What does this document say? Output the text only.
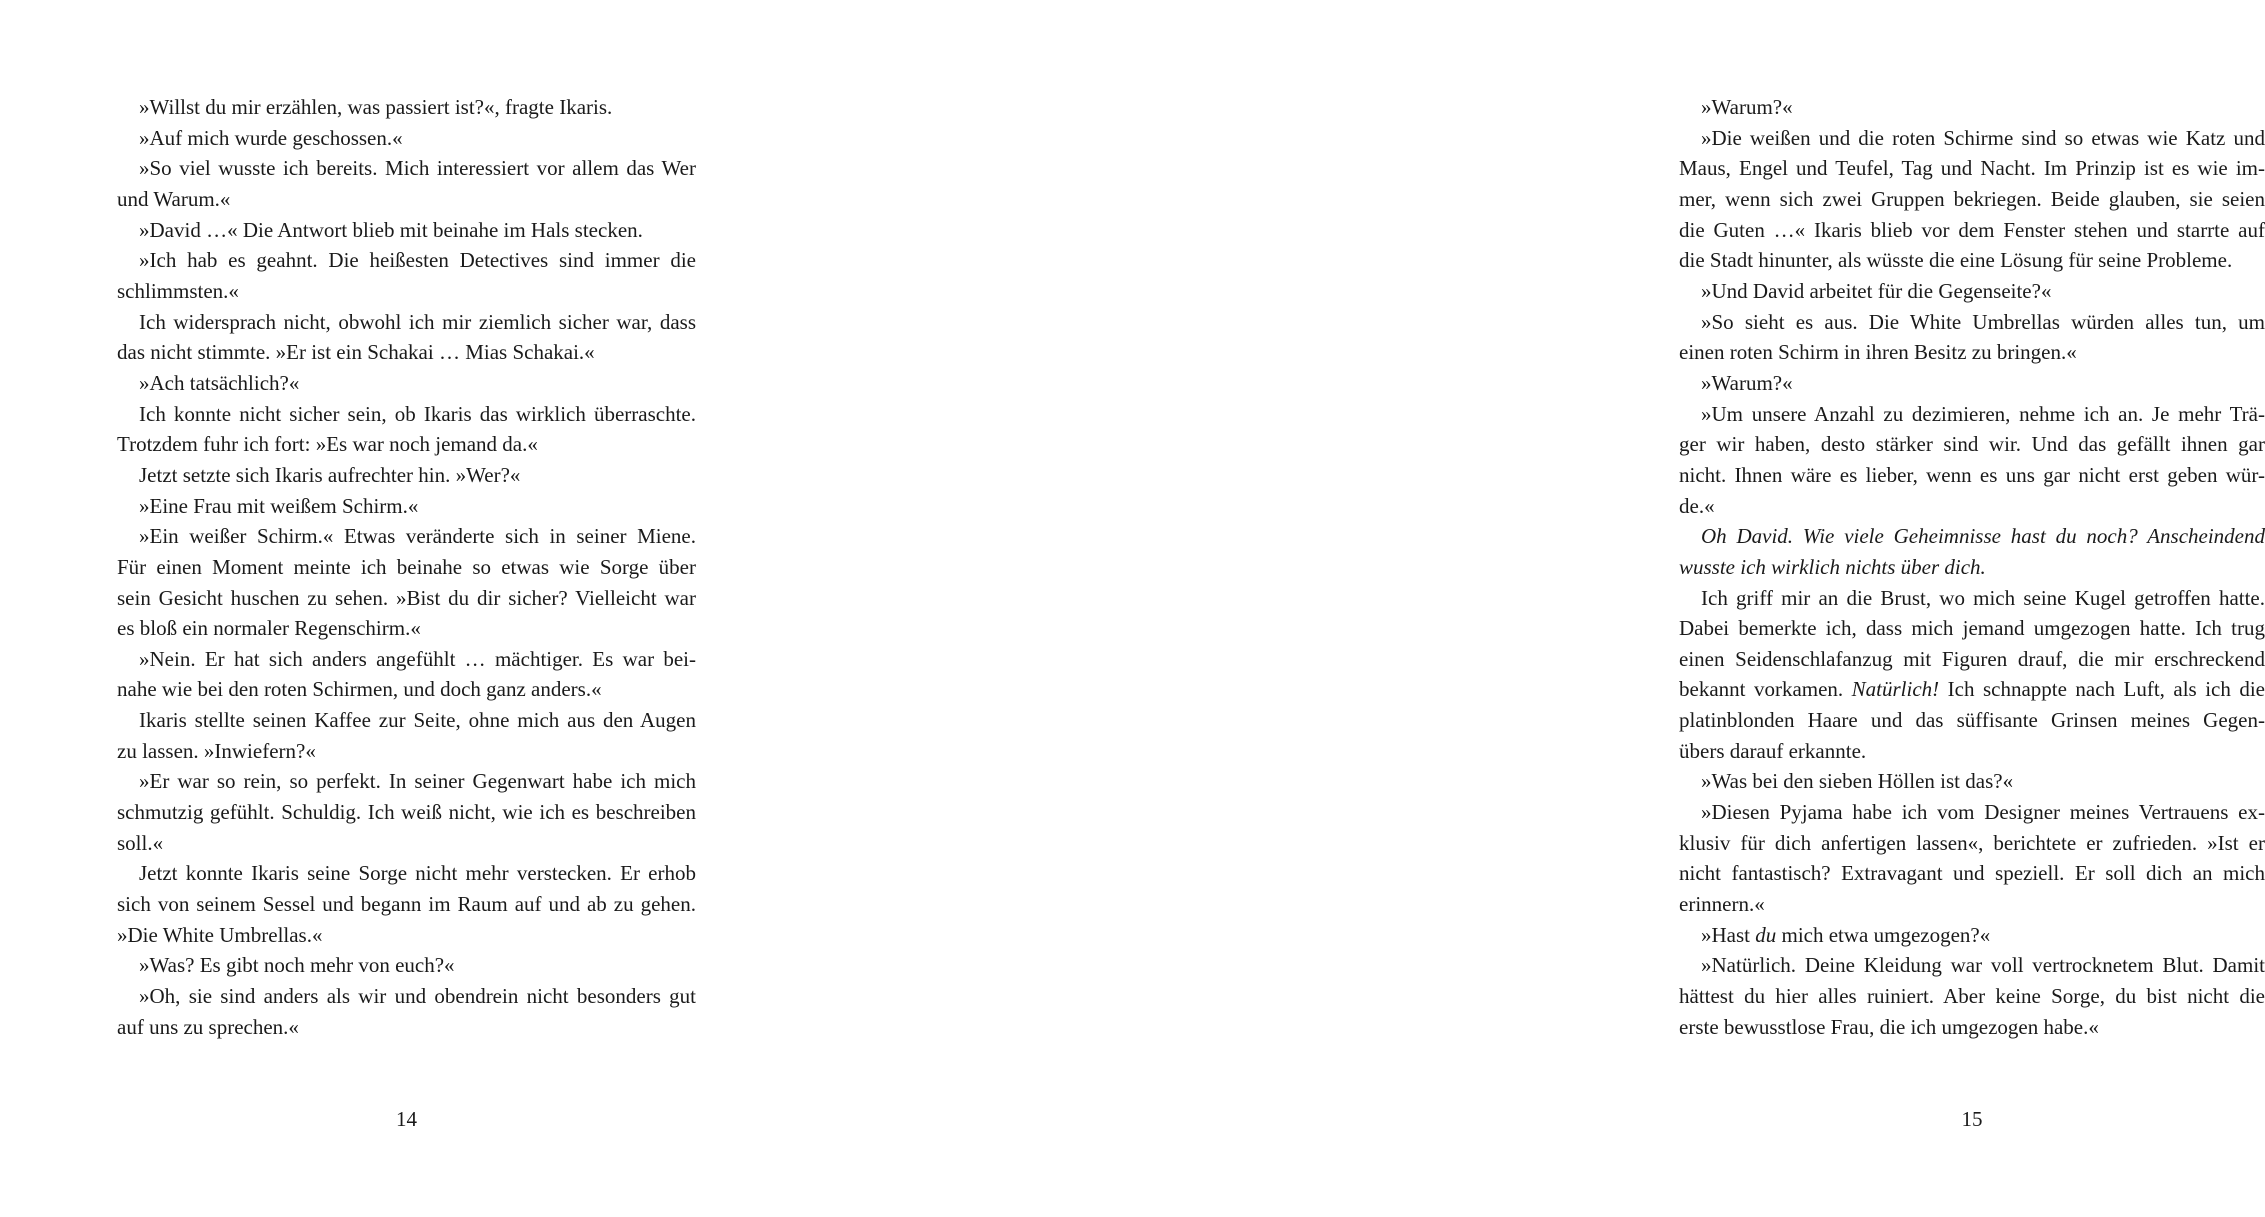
»Willst du mir erzählen, was passiert ist?«, fragte Ikaris.
»Auf mich wurde geschossen.«
»So viel wusste ich bereits. Mich interessiert vor allem das Wer
und Warum.«
»David …« Die Antwort blieb mit beinahe im Hals stecken.
»Ich hab es geahnt. Die heißesten Detectives sind immer die
schlimmsten.«
Ich widersprach nicht, obwohl ich mir ziemlich sicher war, dass
das nicht stimmte. »Er ist ein Schakai … Mias Schakai.«
»Ach tatsächlich?«
Ich konnte nicht sicher sein, ob Ikaris das wirklich überraschte.
Trotzdem fuhr ich fort: »Es war noch jemand da.«
Jetzt setzte sich Ikaris aufrechter hin. »Wer?«
»Eine Frau mit weißem Schirm.«
»Ein weißer Schirm.« Etwas veränderte sich in seiner Miene.
Für einen Moment meinte ich beinahe so etwas wie Sorge über
sein Gesicht huschen zu sehen. »Bist du dir sicher? Vielleicht war
es bloß ein normaler Regenschirm.«
»Nein. Er hat sich anders angefühlt … mächtiger. Es war bei-
nahe wie bei den roten Schirmen, und doch ganz anders.«
Ikaris stellte seinen Kaffee zur Seite, ohne mich aus den Augen
zu lassen. »Inwiefern?«
»Er war so rein, so perfekt. In seiner Gegenwart habe ich mich
schmutzig gefühlt. Schuldig. Ich weiß nicht, wie ich es beschreiben
soll.«
Jetzt konnte Ikaris seine Sorge nicht mehr verstecken. Er erhob
sich von seinem Sessel und begann im Raum auf und ab zu gehen.
»Die White Umbrellas.«
»Was? Es gibt noch mehr von euch?«
»Oh, sie sind anders als wir und obendrein nicht besonders gut
auf uns zu sprechen.«
14
»Warum?«
»Die weißen und die roten Schirme sind so etwas wie Katz und
Maus, Engel und Teufel, Tag und Nacht. Im Prinzip ist es wie im-
mer, wenn sich zwei Gruppen bekriegen. Beide glauben, sie seien
die Guten …« Ikaris blieb vor dem Fenster stehen und starrte auf
die Stadt hinunter, als wüsste die eine Lösung für seine Probleme.
»Und David arbeitet für die Gegenseite?«
»So sieht es aus. Die White Umbrellas würden alles tun, um
einen roten Schirm in ihren Besitz zu bringen.«
»Warum?«
»Um unsere Anzahl zu dezimieren, nehme ich an. Je mehr Trä-
ger wir haben, desto stärker sind wir. Und das gefällt ihnen gar
nicht. Ihnen wäre es lieber, wenn es uns gar nicht erst geben wür-
de.«
Oh David. Wie viele Geheimnisse hast du noch? Anscheindend
wusste ich wirklich nichts über dich.
Ich griff mir an die Brust, wo mich seine Kugel getroffen hatte.
Dabei bemerkte ich, dass mich jemand umgezogen hatte. Ich trug
einen Seidenschlafanzug mit Figuren drauf, die mir erschreckend
bekannt vorkamen. Natürlich! Ich schnappte nach Luft, als ich die
platinblonden Haare und das süffisante Grinsen meines Gegen-
übers darauf erkannte.
»Was bei den sieben Höllen ist das?«
»Diesen Pyjama habe ich vom Designer meines Vertrauens ex-
klusiv für dich anfertigen lassen«, berichtete er zufrieden. »Ist er
nicht fantastisch? Extravagant und speziell. Er soll dich an mich
erinnern.«
»Hast du mich etwa umgezogen?«
»Natürlich. Deine Kleidung war voll vertrocknetem Blut. Damit
hättest du hier alles ruiniert. Aber keine Sorge, du bist nicht die
erste bewusstlose Frau, die ich umgezogen habe.«
15
